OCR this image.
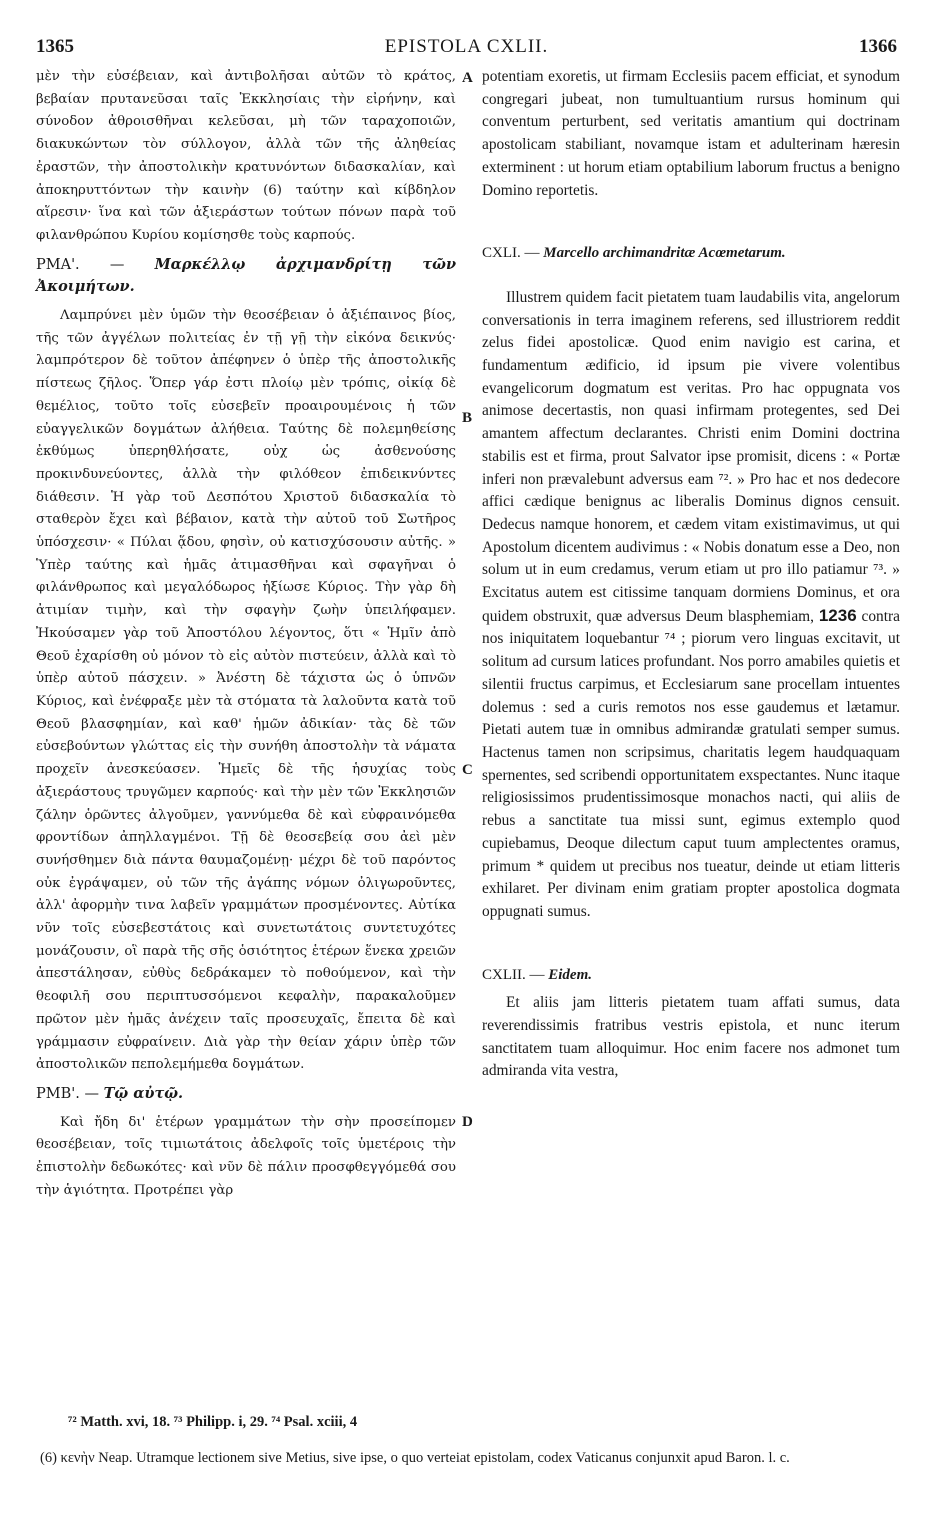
1365	EPISTOLA CXLII.	1366

μὲν τὴν εὐσέβειαν, καὶ ἀντιβολῆσαι αὐτῶν τὸ κράτος, βεβαίαν πρυτανεῦσαι ταῖς Ἐκκλησίαις τὴν εἰρήνην, καὶ σύνοδον ἀθροισθῆναι κελεῦσαι, μὴ τῶν ταραχοποιῶν, διακυκώντων τὸν σύλλογον, ἀλλὰ τῶν τῆς ἀληθείας ἐραστῶν, τὴν ἀποστολικὴν κρατυνόντων διδασκαλίαν, καὶ ἀποκηρυττόντων τὴν καινὴν (6) ταύτην καὶ κίβδηλον αἵρεσιν· ἵνα καὶ τῶν ἀξιεράστων τούτων πόνων παρὰ τοῦ φιλανθρώπου Κυρίου κομίσησθε τοὺς καρπούς.

ΡΜΑ'. — Μαρκέλλῳ ἀρχιμανδρίτῃ τῶν Ἀκοιμήτων.

Λαμπρύνει μὲν ὑμῶν τὴν θεοσέβειαν ὁ ἀξιέπαινος βίος, τῆς τῶν ἀγγέλων πολιτείας ἐν τῇ γῇ τὴν εἰκόνα δεικνύς· λαμπρότερον δὲ τοῦτον ἀπέφηνεν ὁ ὑπὲρ τῆς ἀποστολικῆς πίστεως ζῆλος. Ὅπερ γάρ ἐστι πλοίῳ μὲν τρόπις, οἰκίᾳ δὲ θεμέλιος, τοῦτο τοῖς εὐσεβεῖν προαιρουμένοις ἡ τῶν εὐαγγελικῶν δογμάτων ἀλήθεια. Ταύτης δὲ πολεμηθείσης ἐκθύμως ὑπερηθλήσατε, οὐχ ὡς ἀσθενούσης προκινδυνεύοντες, ἀλλὰ τὴν φιλόθεον ἐπιδεικνύντες διάθεσιν. Ἡ γὰρ τοῦ Δεσπότου Χριστοῦ διδασκαλία τὸ σταθερὸν ἔχει καὶ βέβαιον, κατὰ τὴν αὐτοῦ τοῦ Σωτῆρος ὑπόσχεσιν· « Πύλαι ᾅδου, φησὶν, οὐ κατισχύσουσιν αὐτῆς. » Ὑπὲρ ταύτης καὶ ἡμᾶς ἀτιμασθῆναι καὶ σφαγῆναι ὁ φιλάνθρωπος καὶ μεγαλόδωρος ἠξίωσε Κύριος. Τὴν γὰρ δὴ ἀτιμίαν τιμὴν, καὶ τὴν σφαγὴν ζωὴν ὑπειλήφαμεν. Ἠκούσαμεν γὰρ τοῦ Ἀποστόλου λέγοντος, ὅτι « Ἡμῖν ἀπὸ Θεοῦ ἐχαρίσθη οὐ μόνον τὸ εἰς αὐτὸν πιστεύειν, ἀλλὰ καὶ τὸ ὑπὲρ αὐτοῦ πάσχειν. » Ἀνέστη δὲ τάχιστα ὡς ὁ ὑπνῶν Κύριος, καὶ ἐνέφραξε μὲν τὰ στόματα τὰ λαλοῦντα κατὰ τοῦ Θεοῦ βλασφημίαν, καὶ καθ' ἡμῶν ἀδικίαν· τὰς δὲ τῶν εὐσεβούντων γλώττας εἰς τὴν συνήθη ἀποστολὴν τὰ νάματα προχεῖν ἀνεσκεύασεν. Ἡμεῖς δὲ τῆς ἡσυχίας τοὺς ἀξιεράστους τρυγῶμεν καρπούς· καὶ τὴν μὲν τῶν Ἐκκλησιῶν ζάλην ὁρῶντες ἀλγοῦμεν, γαννύμεθα δὲ καὶ εὐφραινόμεθα φροντίδων ἀπηλλαγμένοι. Τῇ δὲ θεοσεβείᾳ σου ἀεὶ μὲν συνήσθημεν διὰ πάντα θαυμαζομένῃ· μέχρι δὲ τοῦ παρόντος οὐκ ἐγράψαμεν, οὐ τῶν τῆς ἀγάπης νόμων ὀλιγωροῦντες, ἀλλ' ἀφορμὴν τινα λαβεῖν γραμμάτων προσμένοντες. Αὐτίκα νῦν τοῖς εὐσεβεστάτοις καὶ συνετωτάτοις συντετυχότες μονάζουσιν, οἳ παρὰ τῆς σῆς ὁσιότητος ἑτέρων ἕνεκα χρειῶν ἀπεστάλησαν, εὐθὺς δεδράκαμεν τὸ ποθούμενον, καὶ τὴν θεοφιλῆ σου περιπτυσσόμενοι κεφαλὴν, παρακαλοῦμεν πρῶτον μὲν ἡμᾶς ἀνέχειν ταῖς προσευχαῖς, ἔπειτα δὲ καὶ γράμμασιν εὐφραίνειν. Διὰ γὰρ τὴν θείαν χάριν ὑπὲρ τῶν ἀποστολικῶν πεπολεμήμεθα δογμάτων.

ΡΜΒ'. — Τῷ αὐτῷ.

Καὶ ἤδη δι' ἑτέρων γραμμάτων τὴν σὴν προσείπομεν θεοσέβειαν, τοῖς τιμιωτάτοις ἀδελφοῖς τοῖς ὑμετέροις τὴν ἐπιστολὴν δεδωκότες· καὶ νῦν δὲ πάλιν προσφθεγγόμεθά σου τὴν ἁγιότητα. Προτρέπει γὰρ

potentiam exoretis, ut firmam Ecclesiis pacem efficiat, et synodum congregari jubeat, non tumultuantium rursus hominum qui conventum perturbent, sed veritatis amantium qui doctrinam apostolicam stabiliant, novamque istam et adulterinam hæresin exterminent : ut horum etiam optabilium laborum fructus a benigno Domino reportetis.

CXLI. — Marcello archimandritæ Acœmetarum.

Illustrem quidem facit pietatem tuam laudabilis vita, angelorum conversationis in terra imaginem referens, sed illustriorem reddit zelus fidei apostolicæ. Quod enim navigio est carina, et fundamentum ædificio, id ipsum pie vivere volentibus evangelicorum dogmatum est veritas. Pro hac oppugnata vos animose decertastis, non quasi infirmam protegentes, sed Dei amantem affectum declarantes. Christi enim Domini doctrina stabilis est et firma, prout Salvator ipse promisit, dicens : « Portæ inferi non prævalebunt adversus eam ⁷². » Pro hac et nos dedecore affici cædique benignus ac liberalis Dominus dignos censuit. Dedecus namque honorem, et cædem vitam existimavimus, ut qui Apostolum dicentem audivimus : « Nobis donatum esse a Deo, non solum ut in eum credamus, verum etiam ut pro illo patiamur ⁷³. » Excitatus autem est citissime tanquam dormiens Dominus, et ora quidem obstruxit, quæ adversus Deum blasphemiam, 1236 contra nos iniquitatem loquebantur ⁷⁴ ; piorum vero linguas excitavit, ut solitum ad cursum latices profundant. Nos porro amabiles quietis et silentii fructus carpimus, et Ecclesiarum sane procellam intuentes dolemus : sed a curis remotos nos esse gaudemus et lætamur. Pietati autem tuæ in omnibus admirandæ gratulati semper sumus. Hactenus tamen non scripsimus, charitatis legem haudquaquam spernentes, sed scribendi opportunitatem exspectantes. Nunc itaque religiosissimos prudentissimosque monachos nacti, qui aliis de rebus a sanctitate tua missi sunt, egimus extemplo quod cupiebamus, Deoque dilectum caput tuum amplectentes oramus, primum * quidem ut precibus nos tueatur, deinde ut etiam litteris exhilaret. Per divinam enim gratiam propter apostolica dogmata oppugnati sumus.

CXLII. — Eidem.

Et aliis jam litteris pietatem tuam affati sumus, data reverendissimis fratribus vestris epistola, et nunc iterum sanctitatem tuam alloquimur. Hoc enim facere nos admonet tum admiranda vita vestra,

A
B
C
D
⁷² Matth. xvi, 18. ⁷³ Philipp. i, 29. ⁷⁴ Psal. xciii, 4
(6) κενὴν Neap. Utramque lectionem sive Metius, sive ipse, o quo verteiat epistolam, codex Vaticanus conjunxit apud Baron. l. c.
